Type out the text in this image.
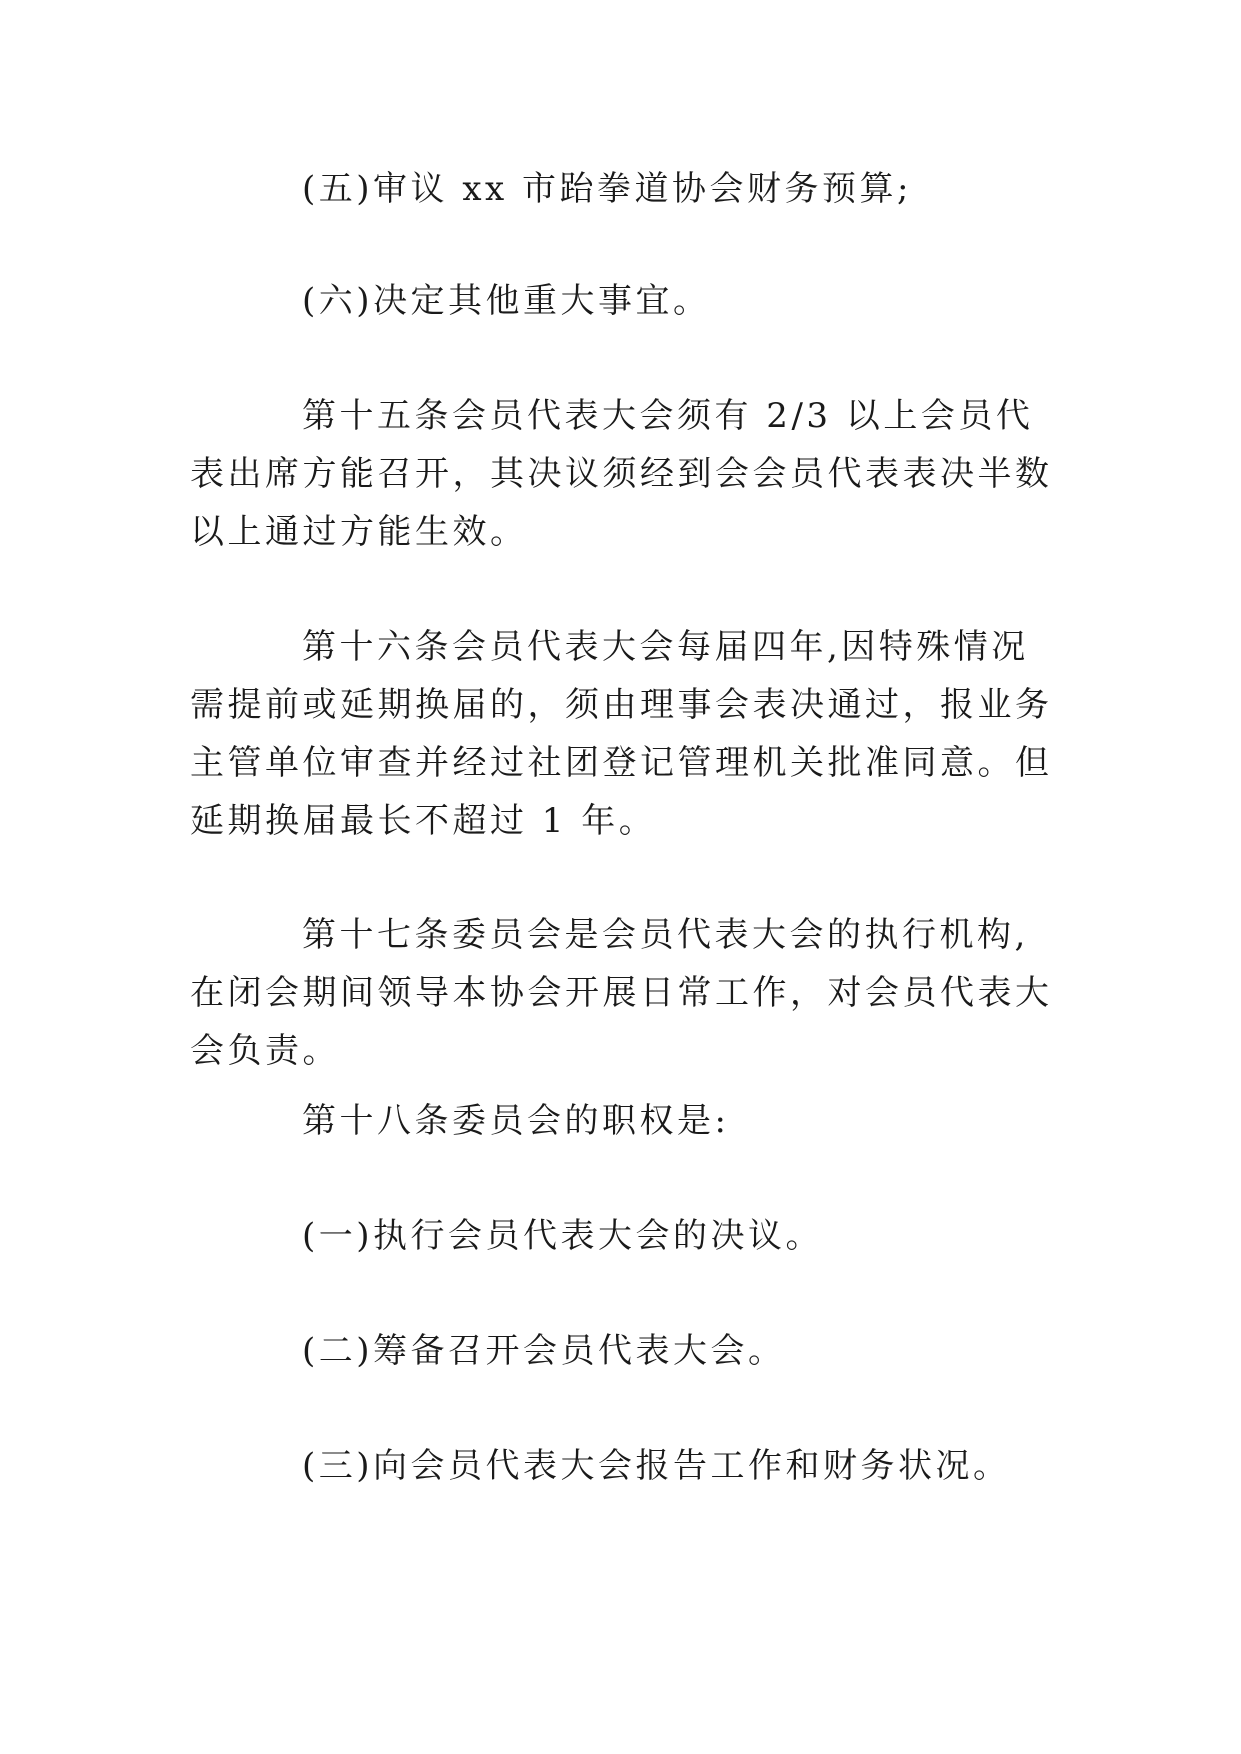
(五)审议 xx 市跆拳道协会财务预算;

(六)决定其他重大事宜。

第十五条会员代表大会须有 2/3 以上会员代表出席方能召开，其决议须经到会会员代表表决半数以上通过方能生效。

第十六条会员代表大会每届四年,因特殊情况需提前或延期换届的，须由理事会表决通过，报业务主管单位审查并经过社团登记管理机关批准同意。但延期换届最长不超过 1 年。

第十七条委员会是会员代表大会的执行机构,在闭会期间领导本协会开展日常工作，对会员代表大会负责。

第十八条委员会的职权是:

(一)执行会员代表大会的决议。

(二)筹备召开会员代表大会。

(三)向会员代表大会报告工作和财务状况。
